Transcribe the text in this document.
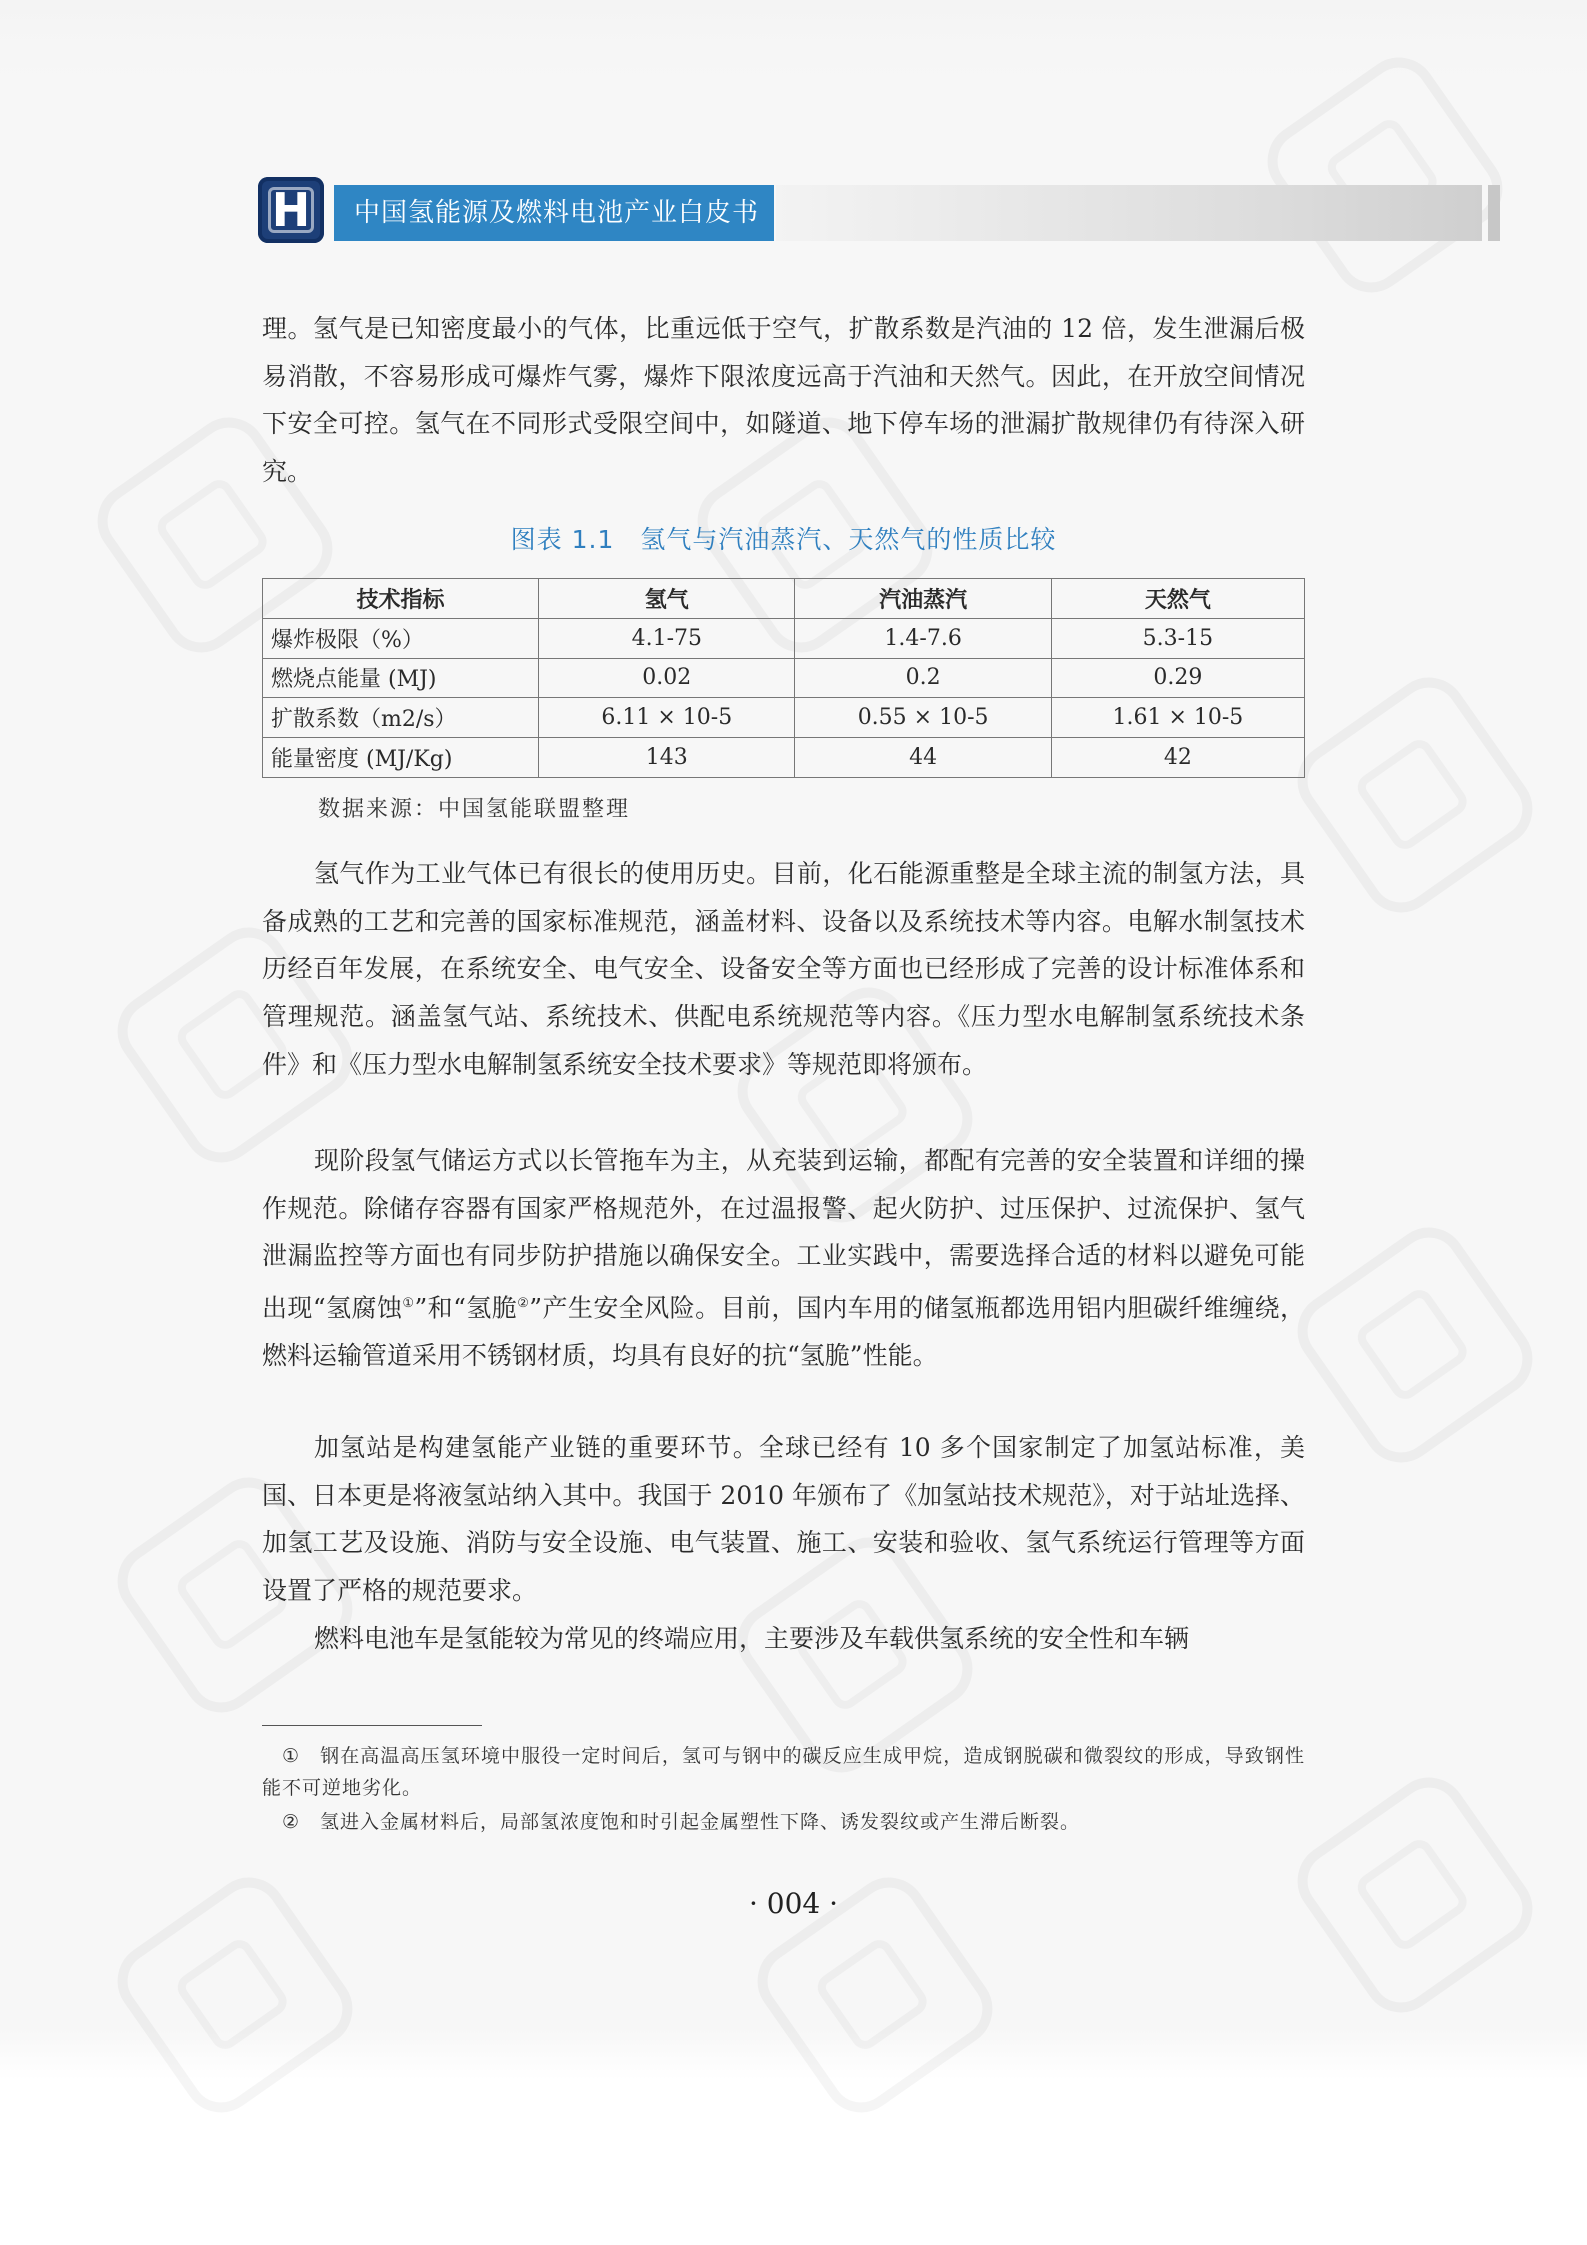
H	中国氢能源及燃料电池产业白皮书

理。氢气是已知密度最小的气体，比重远低于空气，扩散系数是汽油的 12 倍，发生泄漏后极易消散，不容易形成可爆炸气雾，爆炸下限浓度远高于汽油和天然气。因此，在开放空间情况下安全可控。氢气在不同形式受限空间中，如隧道、地下停车场的泄漏扩散规律仍有待深入研究。

图表 1.1　氢气与汽油蒸汽、天然气的性质比较
技术指标	氢气	汽油蒸汽	天然气
爆炸极限（%）	4.1-75	1.4-7.6	5.3-15
燃烧点能量 (MJ)	0.02	0.2	0.29
扩散系数（m2/s）	6.11 × 10-5	0.55 × 10-5	1.61 × 10-5
能量密度 (MJ/Kg)	143	44	42
数据来源：中国氢能联盟整理

氢气作为工业气体已有很长的使用历史。目前，化石能源重整是全球主流的制氢方法，具备成熟的工艺和完善的国家标准规范，涵盖材料、设备以及系统技术等内容。电解水制氢技术历经百年发展，在系统安全、电气安全、设备安全等方面也已经形成了完善的设计标准体系和管理规范。涵盖氢气站、系统技术、供配电系统规范等内容。《压力型水电解制氢系统技术条件》和《压力型水电解制氢系统安全技术要求》等规范即将颁布。

现阶段氢气储运方式以长管拖车为主，从充装到运输，都配有完善的安全装置和详细的操作规范。除储存容器有国家严格规范外，在过温报警、起火防护、过压保护、过流保护、氢气泄漏监控等方面也有同步防护措施以确保安全。工业实践中，需要选择合适的材料以避免可能出现“氢腐蚀①”和“氢脆②”产生安全风险。目前，国内车用的储氢瓶都选用铝内胆碳纤维缠绕，燃料运输管道采用不锈钢材质，均具有良好的抗“氢脆”性能。

加氢站是构建氢能产业链的重要环节。全球已经有 10 多个国家制定了加氢站标准，美国、日本更是将液氢站纳入其中。我国于 2010 年颁布了《加氢站技术规范》，对于站址选择、加氢工艺及设施、消防与安全设施、电气装置、施工、安装和验收、氢气系统运行管理等方面设置了严格的规范要求。

燃料电池车是氢能较为常见的终端应用，主要涉及车载供氢系统的安全性和车辆

① 钢在高温高压氢环境中服役一定时间后，氢可与钢中的碳反应生成甲烷，造成钢脱碳和微裂纹的形成，导致钢性能不可逆地劣化。

② 氢进入金属材料后，局部氢浓度饱和时引起金属塑性下降、诱发裂纹或产生滞后断裂。

· 004 ·
